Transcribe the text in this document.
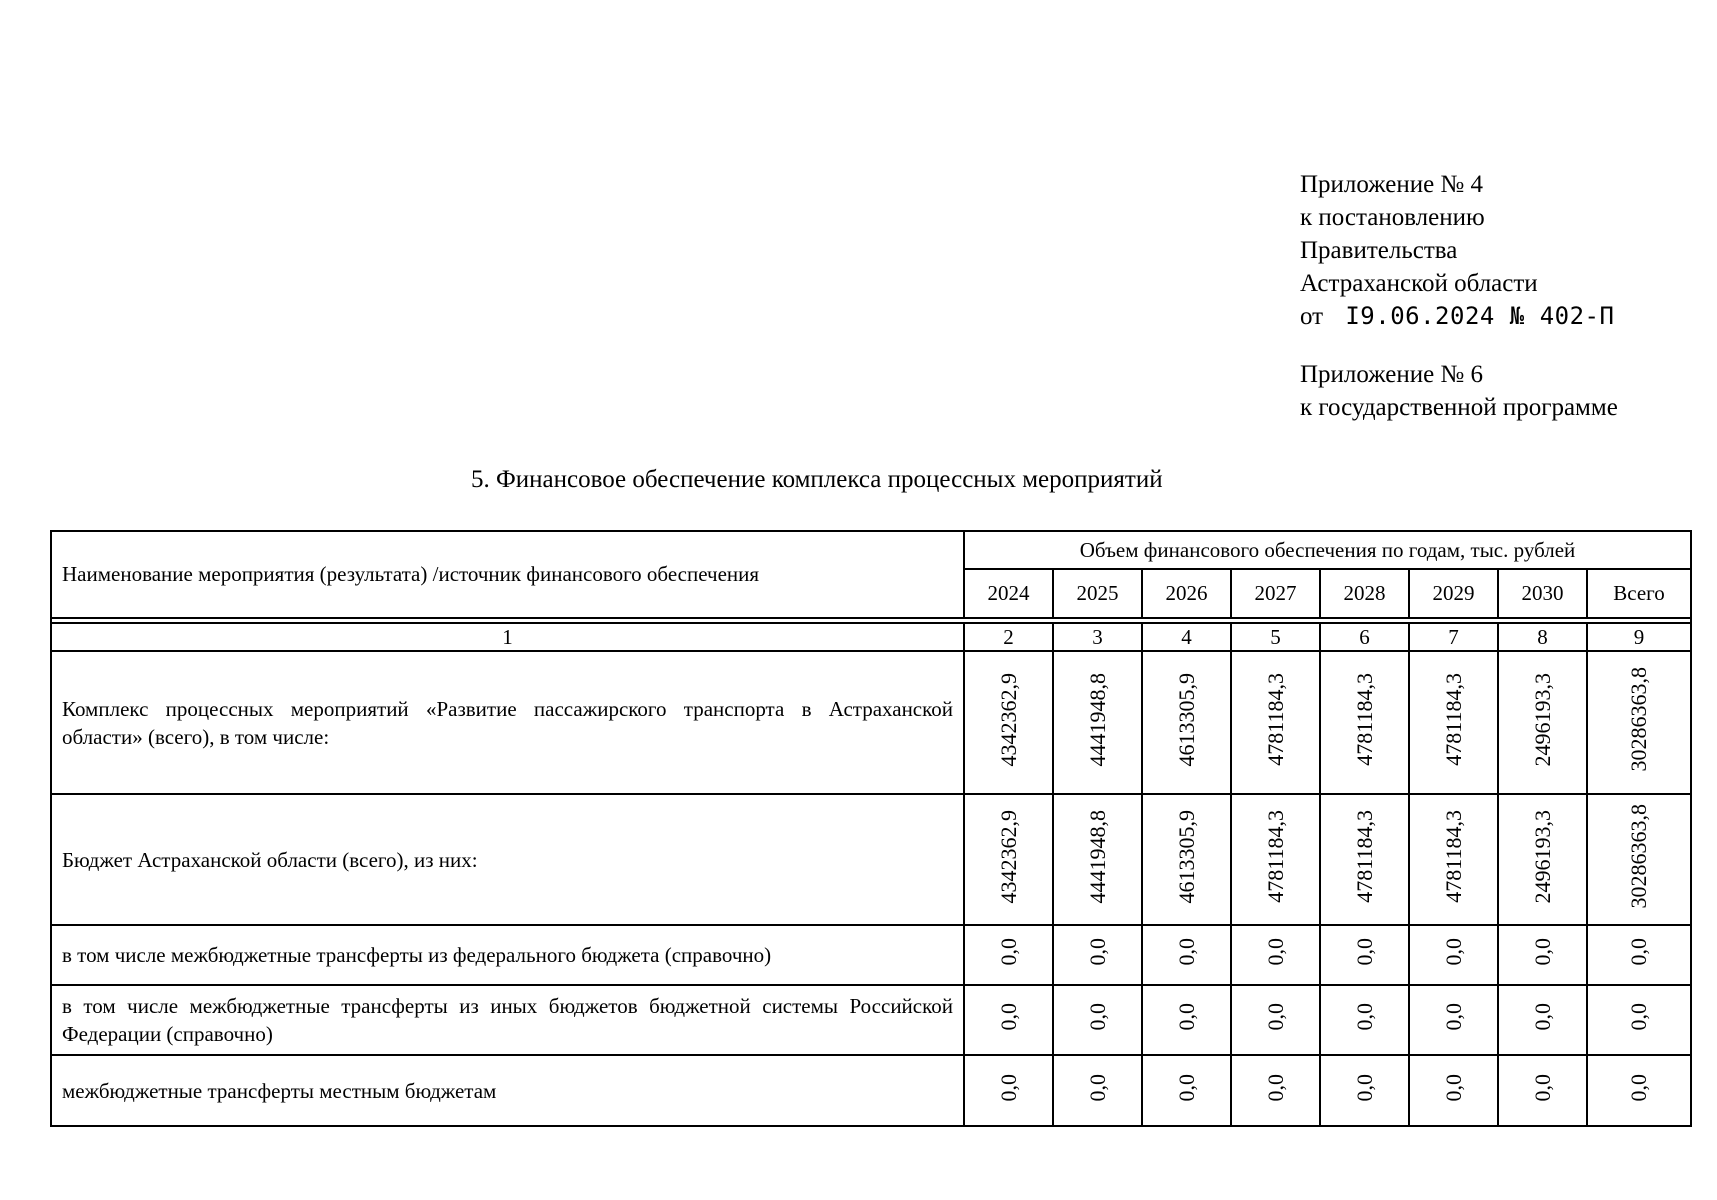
Приложение № 4
к постановлению
Правительства
Астраханской области
от I9.06.2024 № 402-П
Приложение № 6
к государственной программе
5. Финансовое обеспечение комплекса процессных мероприятий
Наименование мероприятия (результата) /источник финансового обеспечения	Объем финансового обеспечения по годам, тыс. рублей							
	2024	2025	2026	2027	2028	2029	2030	Всего

1	2	3	4	5	6	7	8	9
Комплекс процессных мероприятий «Развитие пассажирского транспорта в Астраханской области» (всего), в том числе:	4342362,9	4441948,8	4613305,9	4781184,3	4781184,3	4781184,3	2496193,3	30286363,8
Бюджет Астраханской области (всего), из них:	4342362,9	4441948,8	4613305,9	4781184,3	4781184,3	4781184,3	2496193,3	30286363,8
в том числе межбюджетные трансферты из федерального бюджета (справочно)	0,0	0,0	0,0	0,0	0,0	0,0	0,0	0,0
в том числе межбюджетные трансферты из иных бюджетов бюджетной системы Российской Федерации (справочно)	0,0	0,0	0,0	0,0	0,0	0,0	0,0	0,0
межбюджетные трансферты местным бюджетам	0,0	0,0	0,0	0,0	0,0	0,0	0,0	0,0
